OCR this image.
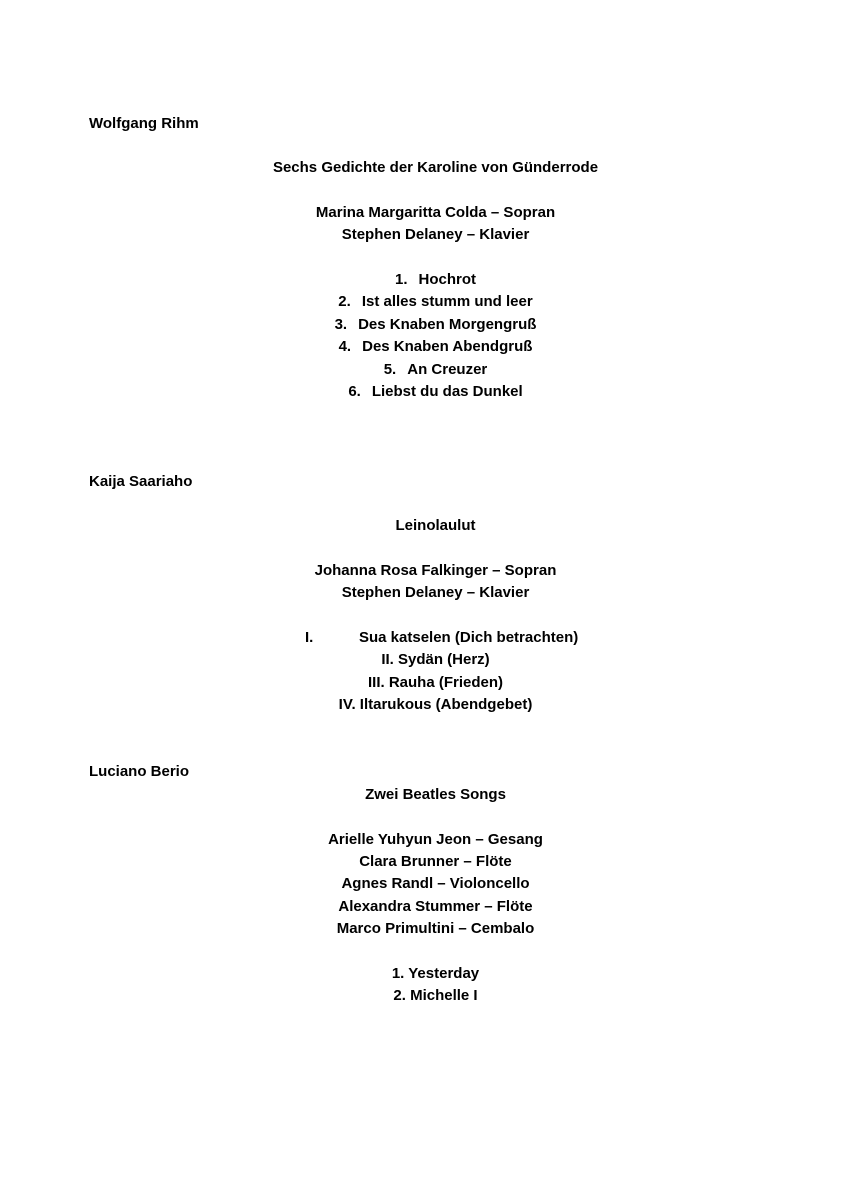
Wolfgang Rihm
Sechs Gedichte der Karoline von Günderrode
Marina Margaritta Colda – Sopran
Stephen Delaney – Klavier
1. Hochrot
2. Ist alles stumm und leer
3. Des Knaben Morgengruß
4. Des Knaben Abendgruß
5. An Creuzer
6. Liebst du das Dunkel
Kaija Saariaho
Leinolaulut
Johanna Rosa Falkinger – Sopran
Stephen Delaney – Klavier
I.	Sua katselen (Dich betrachten)
II. Sydän (Herz)
III. Rauha (Frieden)
IV. Iltarukous (Abendgebet)
Luciano Berio
Zwei Beatles Songs
Arielle Yuhyun Jeon – Gesang
Clara Brunner – Flöte
Agnes Randl – Violoncello
Alexandra Stummer – Flöte
Marco Primultini – Cembalo
1. Yesterday
2. Michelle I
